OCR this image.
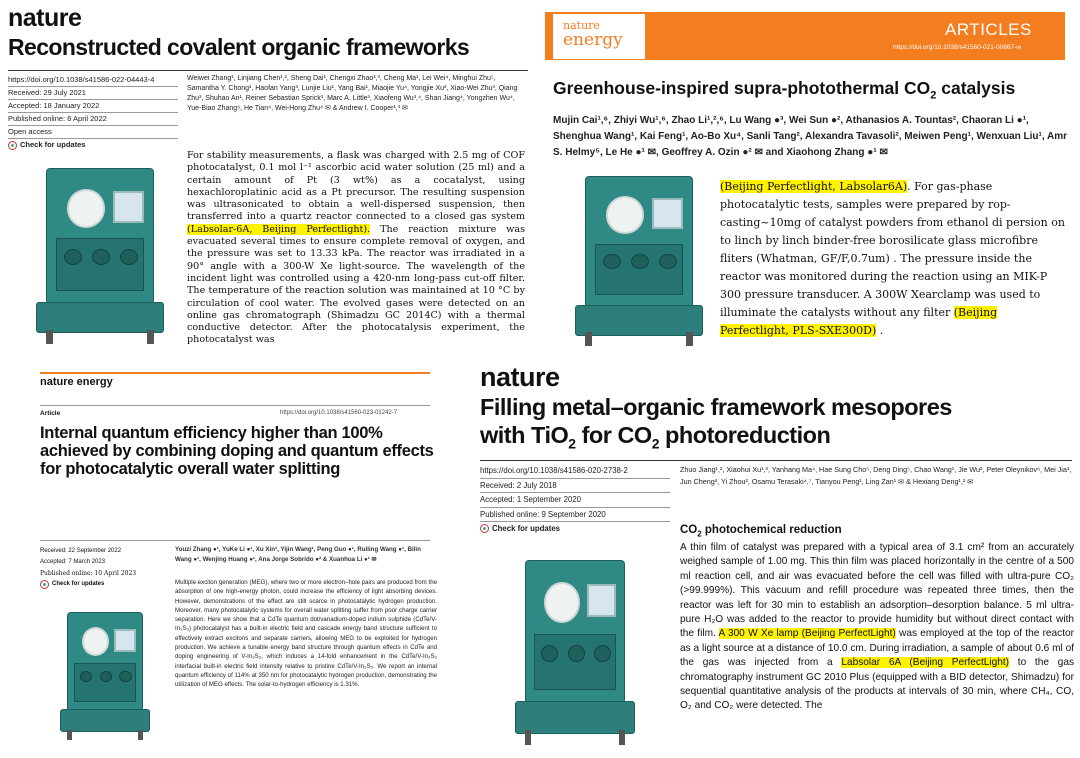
nature
Reconstructed covalent organic frameworks
https://doi.org/10.1038/s41586-022-04443-4
Received: 29 July 2021
Accepted: 18 January 2022
Published online: 6 April 2022
Open access
Check for updates
Weiwei Zhang¹, Linjiang Chen¹,², Sheng Dai¹, Chengxi Zhao¹,³, Cheng Ma¹, Lei Wei⁴, Minghui Zhu⁵, Samantha Y. Chong¹, Haofan Yang³, Lunjie Liu¹, Yang Bai¹, Miaojie Yu⁴, Yongjie Xu³, Xiao-Wei Zhu³, Qiang Zhu³, Shuhao An¹, Reiner Sebastian Sprick³, Marc A. Little³, Xiaofeng Wu³,⁴, Shan Jiang⁴, Yongzhen Wu⁴, Yue-Biao Zhang⁶, He Tian⁴, Wei-Hong Zhu⁴ ✉ & Andrew I. Cooper¹,³ ✉
For stability measurements, a flask was charged with 2.5 mg of COF photocatalyst, 0.1 mol l⁻¹ ascorbic acid water solution (25 ml) and a certain amount of Pt (3 wt%) as a cocatalyst, using hexachloroplatinic acid as a Pt precursor. The resulting suspension was ultrasonicated to obtain a well-dispersed suspension, then transferred into a quartz reactor connected to a closed gas system (Labsolar-6A, Beijing Perfectlight). The reaction mixture was evacuated several times to ensure complete removal of oxygen, and the pressure was set to 13.33 kPa. The reactor was irradiated in a 90° angle with a 300-W Xe light-source. The wavelength of the incident light was controlled using a 420-nm long-pass cut-off filter. The temperature of the reaction solution was maintained at 10 °C by circulation of cool water. The evolved gases were detected on an online gas chromatograph (Shimadzu GC 2014C) with a thermal conductive detector. After the photocatalysis experiment, the photocatalyst was
nature
energy
ARTICLES
https://doi.org/10.1038/s41560-021-00867-w
Greenhouse-inspired supra-photothermal $CO_2$ catalysis
Mujin Cai¹,⁶, Zhiyi Wu¹,⁶, Zhao Li¹,²,⁶, Lu Wang ●³, Wei Sun ●², Athanasios A. Tountas², Chaoran Li ●¹, Shenghua Wang¹, Kai Feng¹, Ao-Bo Xu⁴, Sanli Tang², Alexandra Tavasoli², Meiwen Peng¹, Wenxuan Liu¹, Amr S. Helmy⁵, Le He ●¹ ✉, Geoffrey A. Ozin ●² ✉ and Xiaohong Zhang ●¹ ✉
(Beijing Perfectlight, Labsolar6A). For gas-phase photocatalytic tests, samples were prepared by rop-casting~10mg of catalyst powders from ethanol di persion on to linch by linch binder-free borosilicate glass microfibre fliters (Whatman, GF/F,0.7um) . The pressure inside the reactor was monitored during the reaction using an MIK-P 300 pressure transducer. A 300W Xearclamp was used to illuminate the catalysts without any filter (Beijing Perfectlight, PLS-SXE300D) .
nature energy
Article	https://doi.org/10.1038/s41560-023-01242-7
Internal quantum efficiency higher than 100% achieved by combining doping and quantum effects for photocatalytic overall water splitting
Received: 22 September 2022
Accepted: 7 March 2023
Published online: 10 April 2023
Check for updates
Youzi Zhang ●¹, YuKe Li ●¹, Xu Xin¹, Yijin Wang¹, Peng Guo ●¹, Ruiling Wang ●¹, Bilin Wang ●¹, Wenjing Huang ●¹, Ana Jorge Sobrido ●² & Xuanhua Li ●¹ ✉
Multiple exciton generation (MEG), where two or more electron–hole pairs are produced from the absorption of one high-energy photon, could increase the efficiency of light absorbing devices. However, demonstrations of the effect are still scarce in photocatalytic hydrogen production. Moreover, many photocatalytic systems for overall water splitting suffer from poor charge carrier separation. Here we show that a CdTe quantum dot/vanadium-doped indium sulphide (CdTe/V-In₂S₃) photocatalyst has a built-in electric field and cascade energy band structure sufficient to effectively extract excitons and separate carriers, allowing MEG to be exploited for hydrogen production. We achieve a tunable energy band structure through quantum effects in CdTe and doping engineering of V-In₂S₃, which induces a 14-fold enhancement in the CdTe/V-In₂S₃ interfacial built-in electric field intensity relative to pristine CdTe/V-In₂S₃. We report an internal quantum efficiency of 114% at 350 nm for photocatalytic hydrogen production, demonstrating the utilization of MEG effects. The solar-to-hydrogen efficiency is 1.31%.
nature
Filling metal–organic framework mesopores
with TiO$_2$ for $CO_2$ photoreduction
https://doi.org/10.1038/s41586-020-2738-2
Received: 2 July 2018
Accepted: 1 September 2020
Published online: 9 September 2020
Check for updates
Zhuo Jiang¹,², Xiaohui Xu¹,³, Yanhang Ma⁴, Hae Sung Cho⁵, Deng Ding⁵, Chao Wang¹, Jie Wu², Peter Oleynikov⁶, Mei Jia³, Jun Cheng³, Yi Zhou², Osamu Terasaki⁴,⁷, Tianyou Peng¹, Ling Zan¹ ✉ & Hexiang Deng¹,² ✉
$CO_2$ photochemical reduction
A thin film of catalyst was prepared with a typical area of 3.1 cm² from an accurately weighed sample of 1.00 mg. This thin film was placed horizontally in the centre of a 500 ml reaction cell, and air was evacuated before the cell was filled with ultra-pure CO₂ (>99.999%). This vacuum and refill procedure was repeated three times, then the reactor was left for 30 min to establish an adsorption–desorption balance. 5 ml ultra-pure H₂O was added to the reactor to provide humidity but without direct contact with the film. A 300 W Xe lamp (Beijing PerfectLight) was employed at the top of the reactor as a light source at a distance of 10.0 cm. During irradiation, a sample of about 0.6 ml of the gas was injected from a Labsolar 6A (Beijing PerfectLight) to the gas chromatography instrument GC 2010 Plus (equipped with a BID detector, Shimadzu) for sequential quantitative analysis of the products at intervals of 30 min, where CH₄, CO, O₂ and CO₂ were detected. The
